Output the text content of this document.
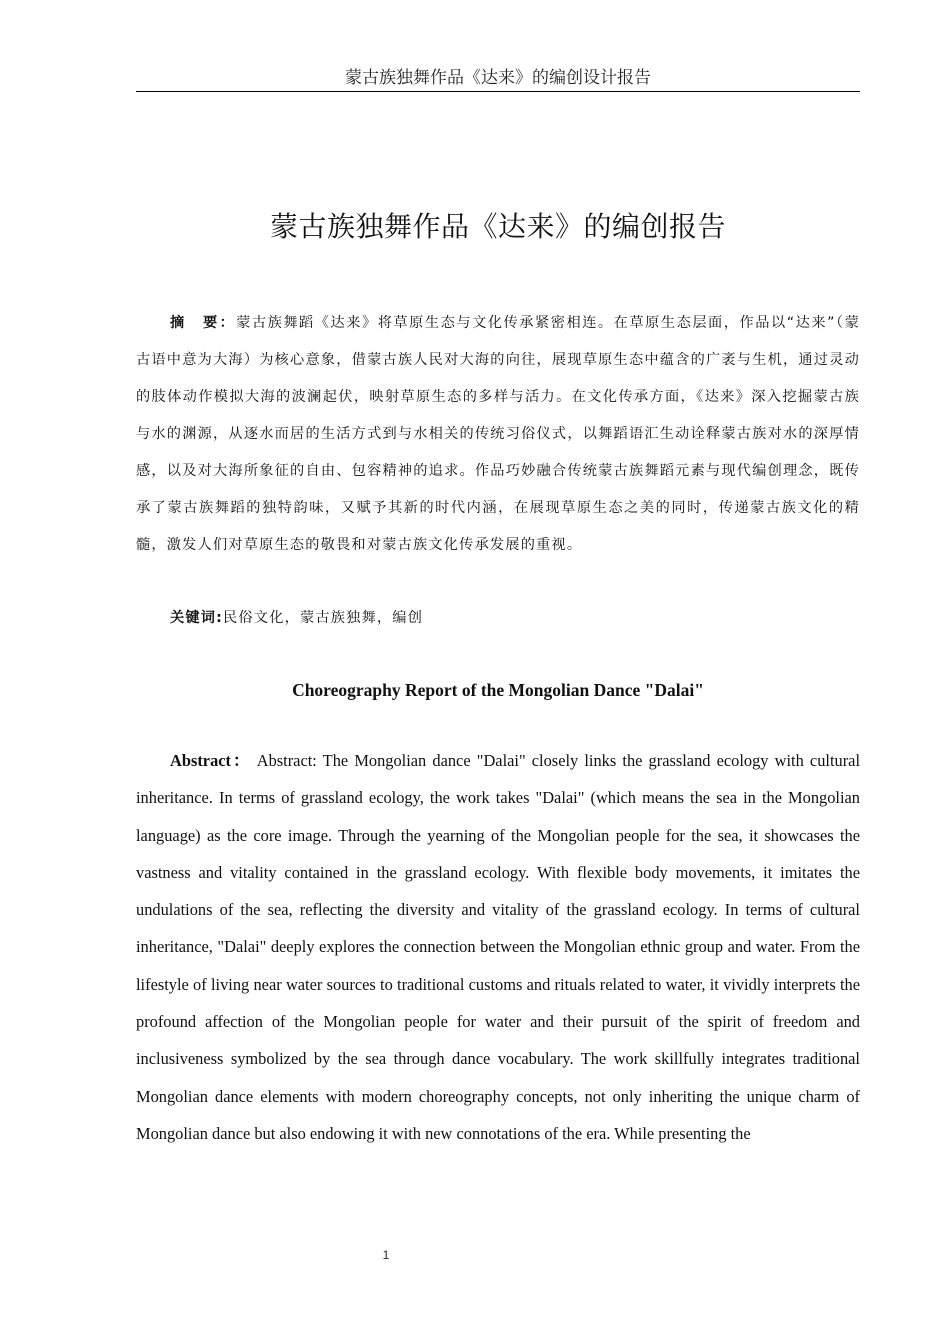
蒙古族独舞作品《达来》的编创设计报告
蒙古族独舞作品《达来》的编创报告

摘　要：蒙古族舞蹈《达来》将草原生态与文化传承紧密相连。在草原生态层面，作品以“达来”（蒙古语中意为大海）为核心意象，借蒙古族人民对大海的向往，展现草原生态中蕴含的广袤与生机，通过灵动的肢体动作模拟大海的波澜起伏，映射草原生态的多样与活力。在文化传承方面，《达来》深入挖掘蒙古族与水的渊源，从逐水而居的生活方式到与水相关的传统习俗仪式，以舞蹈语汇生动诠释蒙古族对水的深厚情感，以及对大海所象征的自由、包容精神的追求。作品巧妙融合传统蒙古族舞蹈元素与现代编创理念，既传承了蒙古族舞蹈的独特韵味，又赋予其新的时代内涵，在展现草原生态之美的同时，传递蒙古族文化的精髓，激发人们对草原生态的敬畏和对蒙古族文化传承发展的重视。

关键词:民俗文化，蒙古族独舞，编创

Choreography Report of the Mongolian Dance "Dalai"

Abstract： Abstract: The Mongolian dance "Dalai" closely links the grassland ecology with cultural inheritance. In terms of grassland ecology, the work takes "Dalai" (which means the sea in the Mongolian language) as the core image. Through the yearning of the Mongolian people for the sea, it showcases the vastness and vitality contained in the grassland ecology. With flexible body movements, it imitates the undulations of the sea, reflecting the diversity and vitality of the grassland ecology. In terms of cultural inheritance, "Dalai" deeply explores the connection between the Mongolian ethnic group and water. From the lifestyle of living near water sources to traditional customs and rituals related to water, it vividly interprets the profound affection of the Mongolian people for water and their pursuit of the spirit of freedom and inclusiveness symbolized by the sea through dance vocabulary. The work skillfully integrates traditional Mongolian dance elements with modern choreography concepts, not only inheriting the unique charm of Mongolian dance but also endowing it with new connotations of the era. While presenting the

1
